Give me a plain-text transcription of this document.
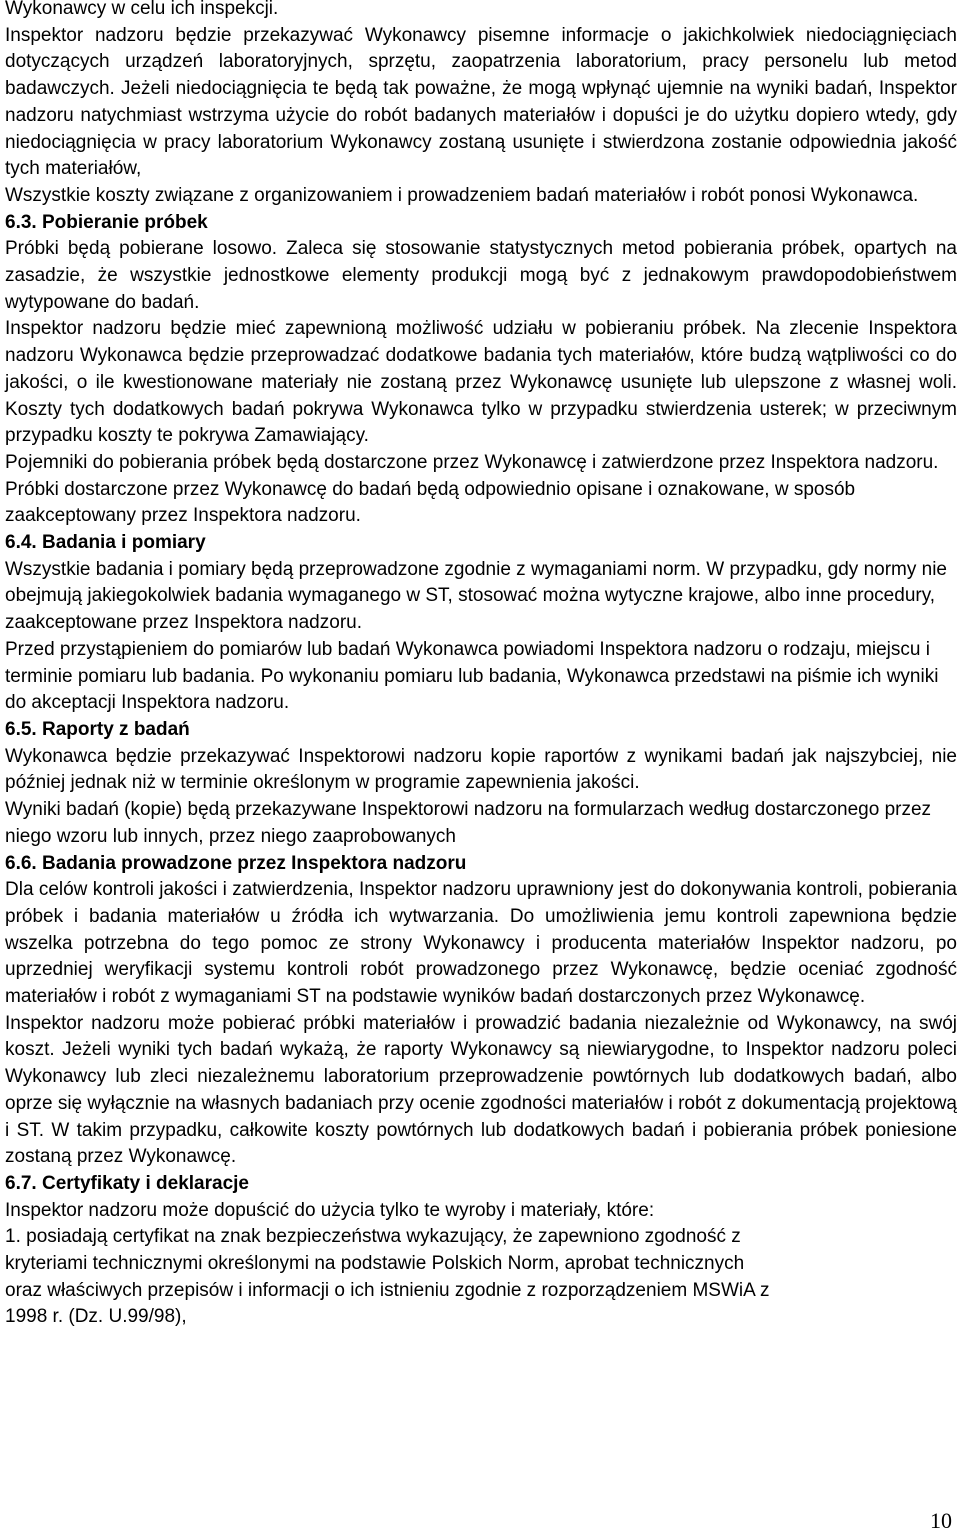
Wykonawcy w celu ich inspekcji.

Inspektor nadzoru będzie przekazywać Wykonawcy pisemne informacje o jakichkolwiek niedociągnięciach dotyczących urządzeń laboratoryjnych, sprzętu, zaopatrzenia laboratorium, pracy personelu lub metod badawczych. Jeżeli niedociągnięcia te będą tak poważne, że mogą wpłynąć ujemnie na wyniki badań, Inspektor nadzoru natychmiast wstrzyma użycie do robót badanych materiałów i dopuści je do użytku dopiero wtedy, gdy niedociągnięcia w pracy laboratorium Wykonawcy zostaną usunięte i stwierdzona zostanie odpowiednia jakość tych materiałów,

Wszystkie koszty związane z organizowaniem i prowadzeniem badań materiałów i robót ponosi Wykonawca.

6.3. Pobieranie próbek

Próbki będą pobierane losowo. Zaleca się stosowanie statystycznych metod pobierania próbek, opartych na zasadzie, że wszystkie jednostkowe elementy produkcji mogą być z jednakowym prawdopodobieństwem wytypowane do badań.

Inspektor nadzoru będzie mieć zapewnioną możliwość udziału w pobieraniu próbek. Na zlecenie Inspektora nadzoru Wykonawca będzie przeprowadzać dodatkowe badania tych materiałów, które budzą wątpliwości co do jakości, o ile kwestionowane materiały nie zostaną przez Wykonawcę usunięte lub ulepszone z własnej woli. Koszty tych dodatkowych badań pokrywa Wykonawca tylko w przypadku stwierdzenia usterek; w przeciwnym przypadku koszty te pokrywa Zamawiający.

Pojemniki do pobierania próbek będą dostarczone przez Wykonawcę i zatwierdzone przez Inspektora nadzoru. Próbki dostarczone przez Wykonawcę do badań będą odpowiednio opisane i oznakowane, w sposób zaakceptowany przez Inspektora nadzoru.

6.4. Badania i pomiary

Wszystkie badania i pomiary będą przeprowadzone zgodnie z wymaganiami norm. W przypadku, gdy normy nie obejmują jakiegokolwiek badania wymaganego w ST, stosować można wytyczne krajowe, albo inne procedury, zaakceptowane przez Inspektora nadzoru.

Przed przystąpieniem do pomiarów lub badań Wykonawca powiadomi Inspektora nadzoru o rodzaju, miejscu i terminie pomiaru lub badania. Po wykonaniu pomiaru lub badania, Wykonawca przedstawi na piśmie ich wyniki do akceptacji Inspektora nadzoru.

6.5. Raporty z badań

Wykonawca będzie przekazywać Inspektorowi nadzoru kopie raportów z wynikami badań jak najszybciej, nie później jednak niż w terminie określonym w programie zapewnienia jakości.

Wyniki badań (kopie) będą przekazywane Inspektorowi nadzoru na formularzach według dostarczonego przez niego wzoru lub innych, przez niego zaaprobowanych

6.6. Badania prowadzone przez Inspektora nadzoru

Dla celów kontroli jakości i zatwierdzenia, Inspektor nadzoru uprawniony jest do dokonywania kontroli, pobierania próbek i badania materiałów u źródła ich wytwarzania. Do umożliwienia jemu kontroli zapewniona będzie wszelka potrzebna do tego pomoc ze strony Wykonawcy i producenta materiałów Inspektor nadzoru, po uprzedniej weryfikacji systemu kontroli robót prowadzonego przez Wykonawcę, będzie oceniać zgodność materiałów i robót z wymaganiami ST na podstawie wyników badań dostarczonych przez Wykonawcę.

Inspektor nadzoru może pobierać próbki materiałów i prowadzić badania niezależnie od Wykonawcy, na swój koszt. Jeżeli wyniki tych badań wykażą, że raporty Wykonawcy są niewiarygodne, to Inspektor nadzoru poleci Wykonawcy lub zleci niezależnemu laboratorium przeprowadzenie powtórnych lub dodatkowych badań, albo oprze się wyłącznie na własnych badaniach przy ocenie zgodności materiałów i robót z dokumentacją projektową i ST. W takim przypadku, całkowite koszty powtórnych lub dodatkowych badań i pobierania próbek poniesione zostaną przez Wykonawcę.

6.7. Certyfikaty i deklaracje

Inspektor nadzoru może dopuścić do użycia tylko te wyroby i materiały, które:

1. posiadają certyfikat na znak bezpieczeństwa wykazujący, że zapewniono zgodność z
kryteriami technicznymi określonymi na podstawie Polskich Norm, aprobat technicznych
oraz właściwych przepisów i informacji o ich istnieniu zgodnie z rozporządzeniem MSWiA z
1998 r. (Dz. U.99/98),
10
